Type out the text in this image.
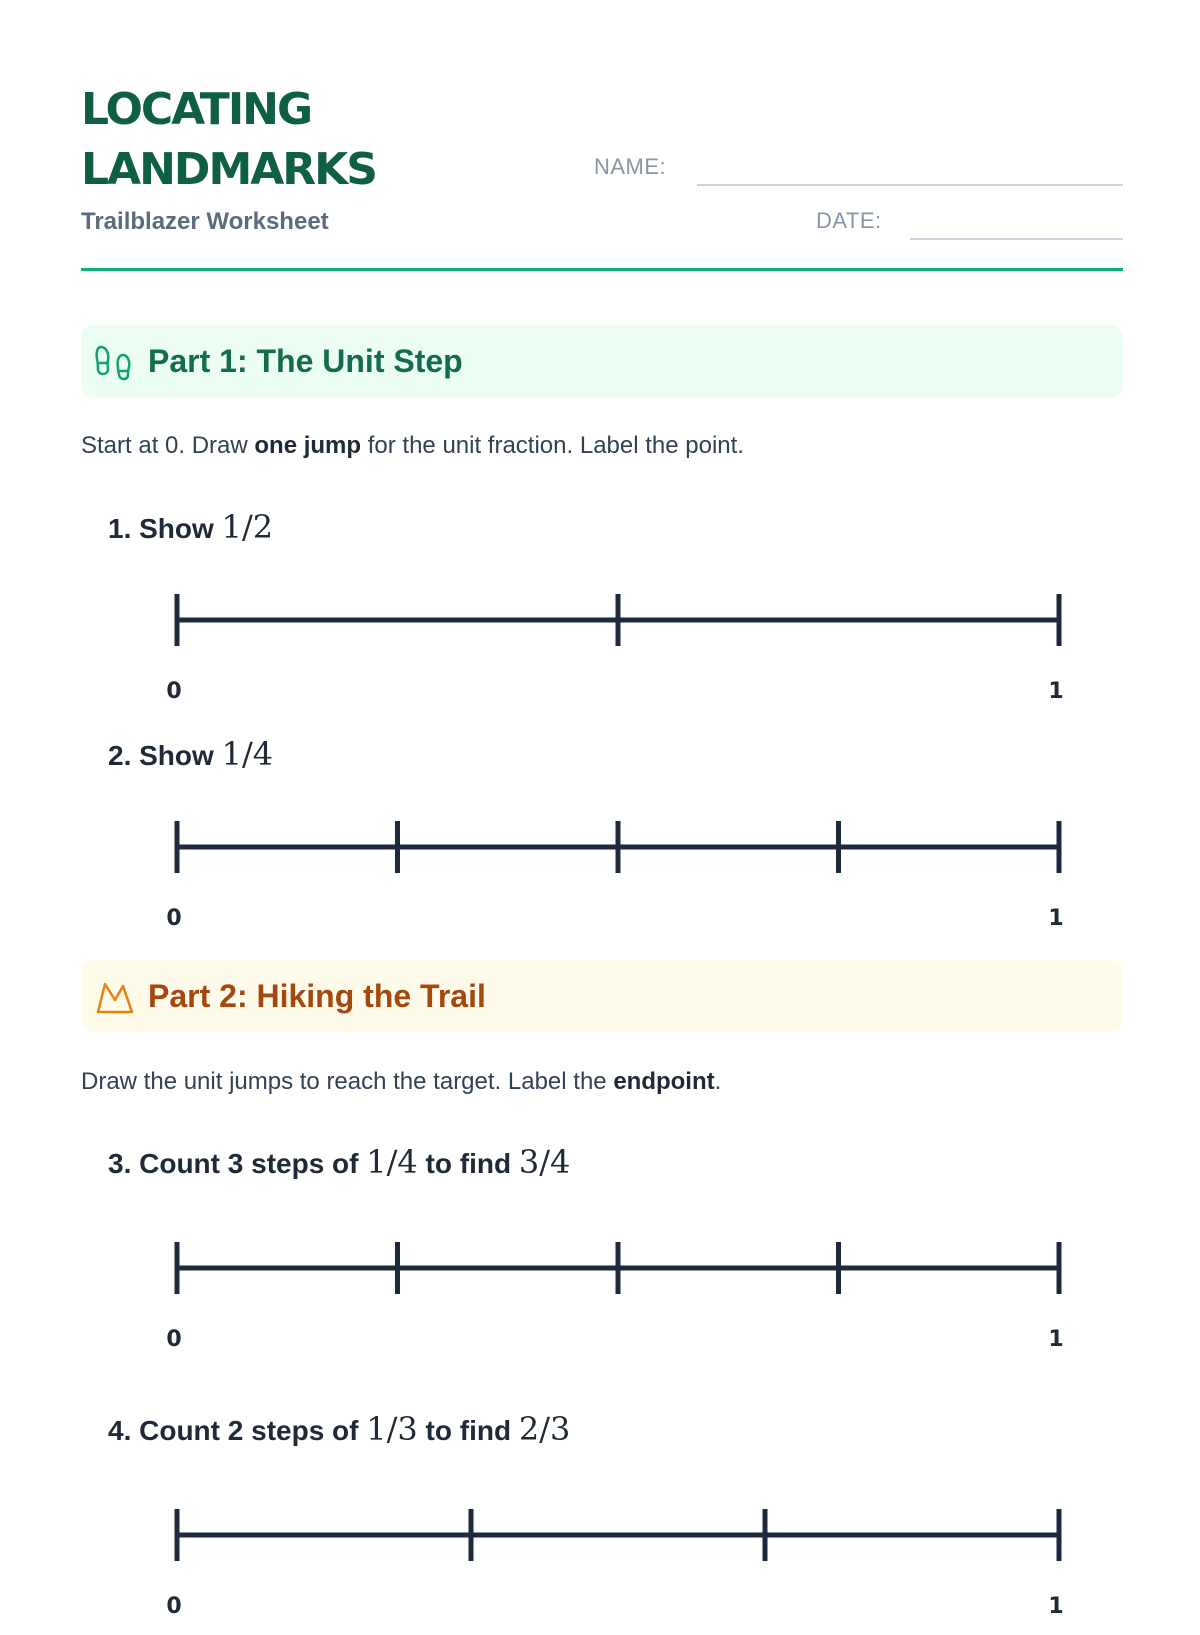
LOCATING
LANDMARKS
Trailblazer Worksheet
NAME:
DATE:
Part 1: The Unit Step
Start at 0. Draw one jump for the unit fraction. Label the point.
1. Show 1/2
0	1
2. Show 1/4
0	1
Part 2: Hiking the Trail
Draw the unit jumps to reach the target. Label the endpoint.
3. Count 3 steps of 1/4 to find 3/4
0	1
4. Count 2 steps of 1/3 to find 2/3
0	1
